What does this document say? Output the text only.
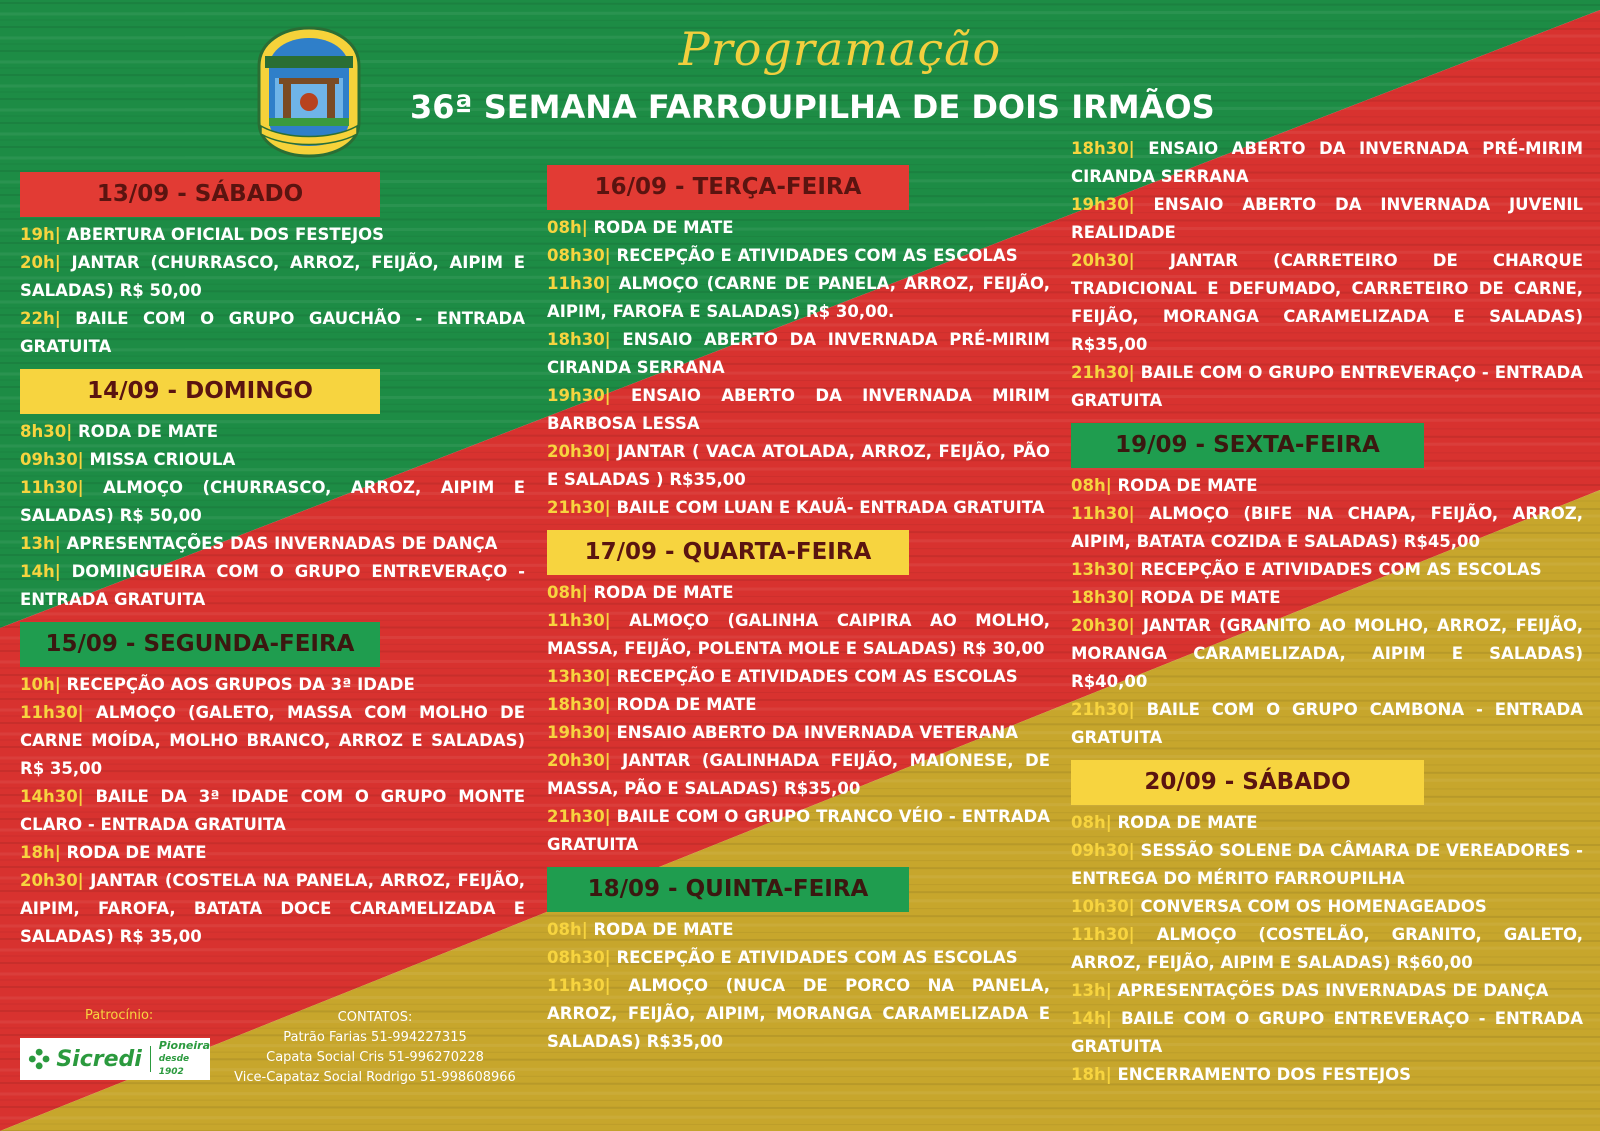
Programação
36ª SEMANA FARROUPILHA DE DOIS IRMÃOS
13/09 - SÁBADO

19h| ABERTURA OFICIAL DOS FESTEJOS

20h| JANTAR (CHURRASCO, ARROZ, FEIJÃO, AIPIM E SALADAS) R$ 50,00

22h| BAILE COM O GRUPO GAUCHÃO - ENTRADA GRATUITA

14/09 - DOMINGO

8h30| RODA DE MATE

09h30| MISSA CRIOULA

11h30| ALMOÇO (CHURRASCO, ARROZ, AIPIM E SALADAS) R$ 50,00

13h| APRESENTAÇÕES DAS INVERNADAS DE DANÇA

14h| DOMINGUEIRA COM O GRUPO ENTREVERAÇO - ENTRADA GRATUITA

15/09 - SEGUNDA-FEIRA

10h| RECEPÇÃO AOS GRUPOS DA 3ª IDADE

11h30| ALMOÇO (GALETO, MASSA COM MOLHO DE CARNE MOÍDA, MOLHO BRANCO, ARROZ E SALADAS) R$ 35,00

14h30| BAILE DA 3ª IDADE COM O GRUPO MONTE CLARO - ENTRADA GRATUITA

18h| RODA DE MATE

20h30| JANTAR (COSTELA NA PANELA, ARROZ, FEIJÃO, AIPIM, FAROFA, BATATA DOCE CARAMELIZADA E SALADAS) R$ 35,00

16/09 - TERÇA-FEIRA

08h| RODA DE MATE

08h30| RECEPÇÃO E ATIVIDADES COM AS ESCOLAS

11h30| ALMOÇO (CARNE DE PANELA, ARROZ, FEIJÃO, AIPIM, FAROFA E SALADAS) R$ 30,00.

18h30| ENSAIO ABERTO DA INVERNADA PRÉ-MIRIM CIRANDA SERRANA

19h30| ENSAIO ABERTO DA INVERNADA MIRIM BARBOSA LESSA

20h30| JANTAR ( VACA ATOLADA, ARROZ, FEIJÃO, PÃO E SALADAS ) R$35,00

21h30| BAILE COM LUAN E KAUÃ- ENTRADA GRATUITA

17/09 - QUARTA-FEIRA

08h| RODA DE MATE

11h30| ALMOÇO (GALINHA CAIPIRA AO MOLHO, MASSA, FEIJÃO, POLENTA MOLE E SALADAS) R$ 30,00

13h30| RECEPÇÃO E ATIVIDADES COM AS ESCOLAS

18h30| RODA DE MATE

19h30| ENSAIO ABERTO DA INVERNADA VETERANA

20h30| JANTAR (GALINHADA FEIJÃO, MAIONESE, DE MASSA, PÃO E SALADAS) R$35,00

21h30| BAILE COM O GRUPO TRANCO VÉIO - ENTRADA GRATUITA

18/09 - QUINTA-FEIRA

08h| RODA DE MATE

08h30| RECEPÇÃO E ATIVIDADES COM AS ESCOLAS

11h30| ALMOÇO (NUCA DE PORCO NA PANELA, ARROZ, FEIJÃO, AIPIM, MORANGA CARAMELIZADA E SALADAS) R$35,00

18h30| ENSAIO ABERTO DA INVERNADA PRÉ-MIRIM CIRANDA SERRANA

19h30| ENSAIO ABERTO DA INVERNADA JUVENIL REALIDADE

20h30| JANTAR (CARRETEIRO DE CHARQUE TRADICIONAL E DEFUMADO, CARRETEIRO DE CARNE, FEIJÃO, MORANGA CARAMELIZADA E SALADAS) R$35,00

21h30| BAILE COM O GRUPO ENTREVERAÇO - ENTRADA GRATUITA

19/09 - SEXTA-FEIRA

08h| RODA DE MATE

11h30| ALMOÇO (BIFE NA CHAPA, FEIJÃO, ARROZ, AIPIM, BATATA COZIDA E SALADAS) R$45,00

13h30| RECEPÇÃO E ATIVIDADES COM AS ESCOLAS

18h30| RODA DE MATE

20h30| JANTAR (GRANITO AO MOLHO, ARROZ, FEIJÃO, MORANGA CARAMELIZADA, AIPIM E SALADAS) R$40,00

21h30| BAILE COM O GRUPO CAMBONA - ENTRADA GRATUITA

20/09 - SÁBADO

08h| RODA DE MATE

09h30| SESSÃO SOLENE DA CÂMARA DE VEREADORES - ENTREGA DO MÉRITO FARROUPILHA

10h30| CONVERSA COM OS HOMENAGEADOS

11h30| ALMOÇO (COSTELÃO, GRANITO, GALETO, ARROZ, FEIJÃO, AIPIM E SALADAS) R$60,00

13h| APRESENTAÇÕES DAS INVERNADAS DE DANÇA

14h| BAILE COM O GRUPO ENTREVERAÇO - ENTRADA GRATUITA

18h| ENCERRAMENTO DOS FESTEJOS

Patrocínio:
Sicredi
Pioneira
desde 1902
CONTATOS:
Patrão Farias 51-994227315
Capata Social Cris 51-996270228
Vice-Capataz Social Rodrigo 51-998608966
